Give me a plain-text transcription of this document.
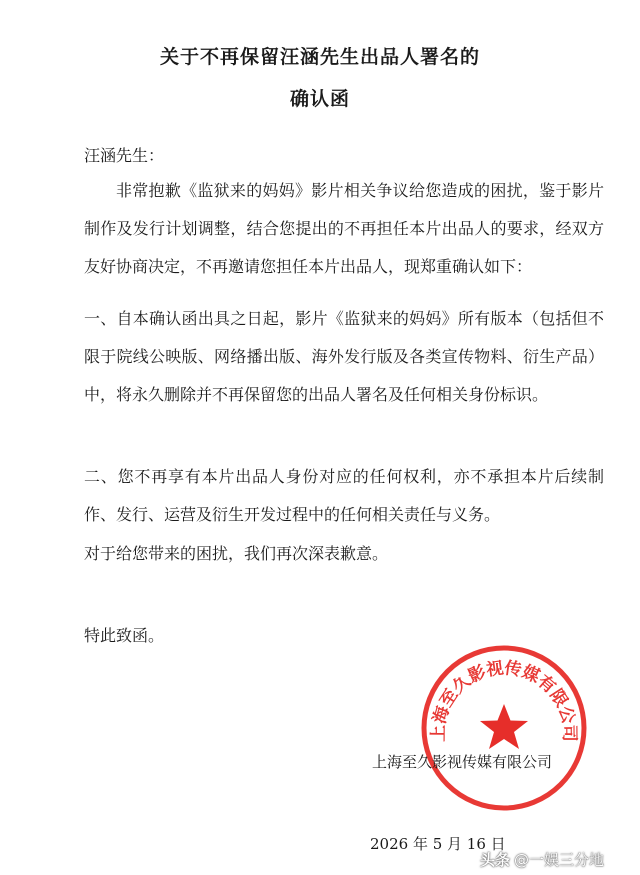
关于不再保留汪涵先生出品人署名的
确认函
汪涵先生：
非常抱歉《监狱来的妈妈》影片相关争议给您造成的困扰，鉴于影片制作及发行计划调整，结合您提出的不再担任本片出品人的要求，经双方友好协商决定，不再邀请您担任本片出品人，现郑重确认如下：
一、自本确认函出具之日起，影片《监狱来的妈妈》所有版本（包括但不限于院线公映版、网络播出版、海外发行版及各类宣传物料、衍生产品）中，将永久删除并不再保留您的出品人署名及任何相关身份标识。
二、您不再享有本片出品人身份对应的任何权利，亦不承担本片后续制作、发行、运营及衍生开发过程中的任何相关责任与义务。
对于给您带来的困扰，我们再次深表歉意。
特此致函。
上海至久影视传媒有限公司
上海至久影视传媒有限公司
2026 年 5 月 16 日
头条 @一娱三分地
